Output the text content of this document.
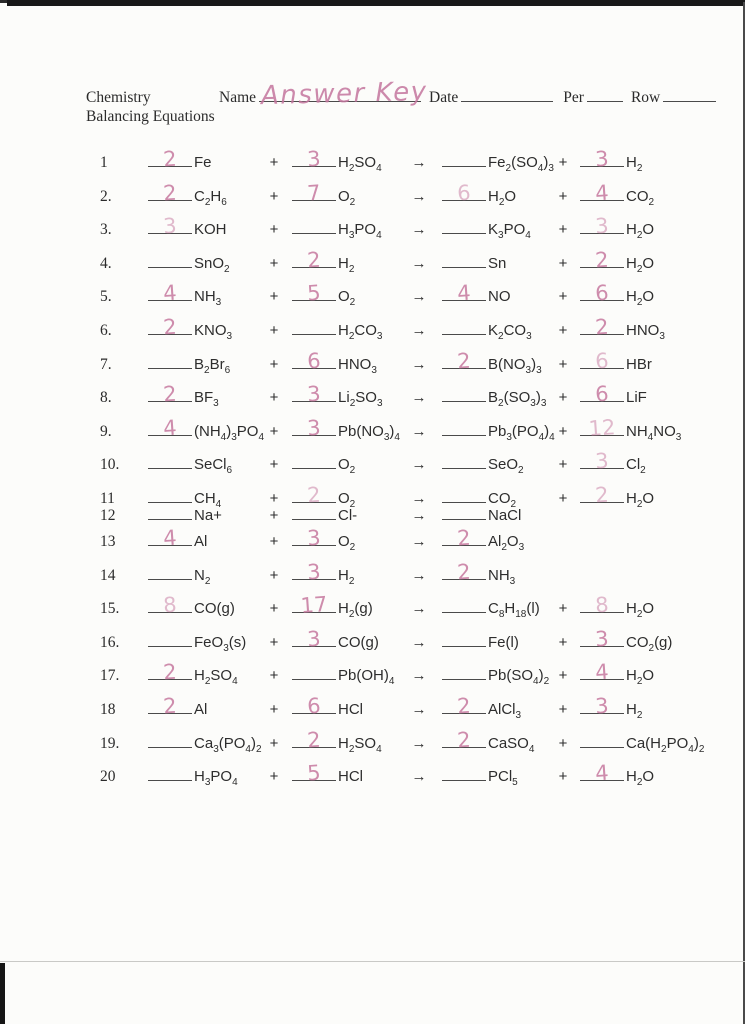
Chemistry
Balancing Equations
Name Answer Key Date	Per	Row
1	2 Fe	+	3 $H_2SO_4$	→	$Fe_2(SO_4)_3$ +	3 $H_2$
2.	2 $C_2H_6$	+	7 $O_2$	→	6 $H_2O$	+	4 $CO_2$
3.	3 KOH	+	$H_3PO_4$	→	$K_3PO_4$	+	3 $H_2O$
4.	SnO$_2$	+	2 $H_2$	→	Sn	+	2 $H_2O$
5.	4 $NH_3$	+	5 $O_2$	→	4 NO	+	6 $H_2O$
6.	2 $KNO_3$	+	$H_2CO_3$	→	$K_2CO_3$	+	2 $HNO_3$
7.	$B_2Br_6$	+	6 $HNO_3$	→	2 $B(NO_3)_3$	+	6 HBr
8.	2 $BF_3$	+	3 $Li_2SO_3$	→	$B_2(SO_3)_3$ +	6 LiF
9.	4 $(NH_4)_3PO_4$ +	3 $Pb(NO_3)_4$ →	$Pb_3(PO_4)_4 + 12$ $NH_4NO_3$
10.	SeCl$_6$	+	$O_2$	→	SeO$_2$	+	3 $Cl_2$
11	$CH_4$	+	2 $O_2$	→	$CO_2$	+	2 $H_2O$
12	Na+	+	Cl-	→	NaCl
13	4 Al	+	3 $O_2$	→	2 $Al_2O_3$
14	$N_2$	+	3 $H_2$	→	2 $NH_3$
15.	8 CO(g)	+	17 $H_2(g)$	→	$C_8H_{18}(l)$	+	8 $H_2O$
16.	FeO$_3$(s)	+	3 CO(g)	→	Fe(l)	+	3 $CO_2(g)$
17.	2 $H_2SO_4$	+	$Pb(OH)_4$	→	$Pb(SO_4)_2$ +	4 $H_2O$
18	2 Al	+	6 HCl	→	2 AlCl$_3$	+	3 $H_2$
19.	$Ca_3(PO_4)_2$ +	2 $H_2SO_4$	→	2 CaSO$_4$	+	$Ca(H_2PO_4)_2$
20	$H_3PO_4$	+	5 HCl	→	PCl$_5$	+	4 $H_2O$
